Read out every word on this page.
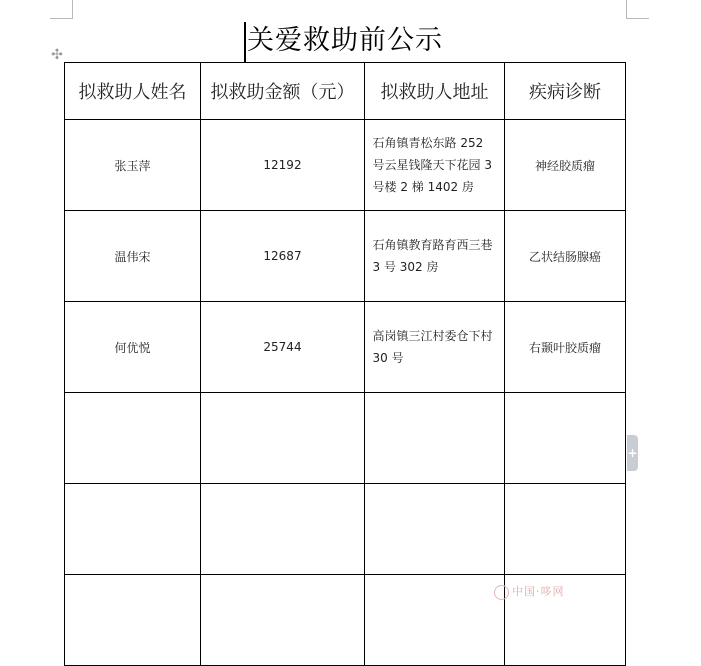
✣	关爱救助前公示
拟救助人姓名	拟救助金额（元）	拟救助人地址	疾病诊断
张玉萍	12192	石角镇青松东路 252 号云星钱隆天下花园 3 号楼 2 梯 1402 房	神经胶质瘤
温伟宋	12687	石角镇教育路育西三巷 3 号 302 房	乙状结肠腺癌
何优悦	25744	高岗镇三江村委仓下村 30 号	右颞叶胶质瘤

+
中国·哆网
